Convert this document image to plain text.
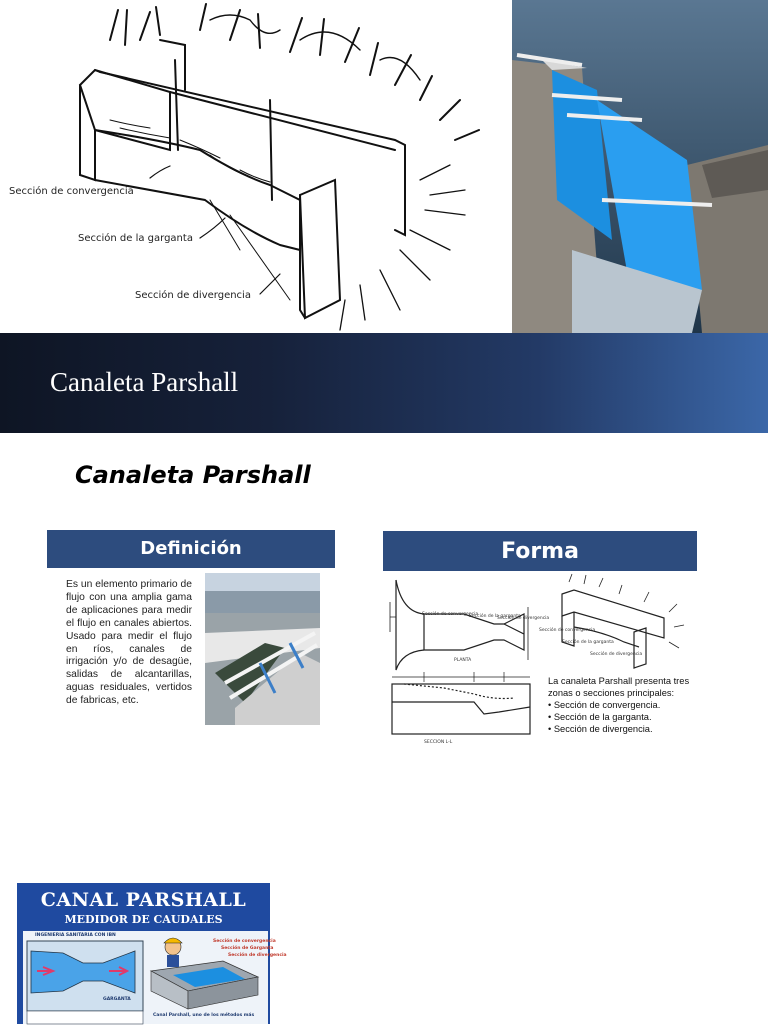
Sección de convergencia
Sección de la garganta
Sección de divergencia
Canaleta Parshall
Canaleta Parshall
Definición
Es un elemento primario de flujo con una amplia gama de aplicaciones para medir el flujo en canales abiertos. Usado para medir el flujo en ríos, canales de irrigación y/o de desagüe, salidas de alcantarillas, aguas residuales, vertidos de fabricas, etc.
Forma
Sección de convergencia
Sección de la garganta
Sección de divergencia
PLANTA
SECCION L-L
Sección de convergencia
Sección de la garganta
Sección de divergencia
La canaleta Parshall presenta tres zonas o secciones principales:
• Sección de convergencia.
• Sección de la garganta.
• Sección de divergencia.
CANAL PARSHALL
MEDIDOR DE CAUDALES
INGENIERIA SANITARIA CON IBN
Sección de convergencia
Sección de Garganta
Sección de divergencia
GARGANTA
Canal Parshall, uno de los métodos más
